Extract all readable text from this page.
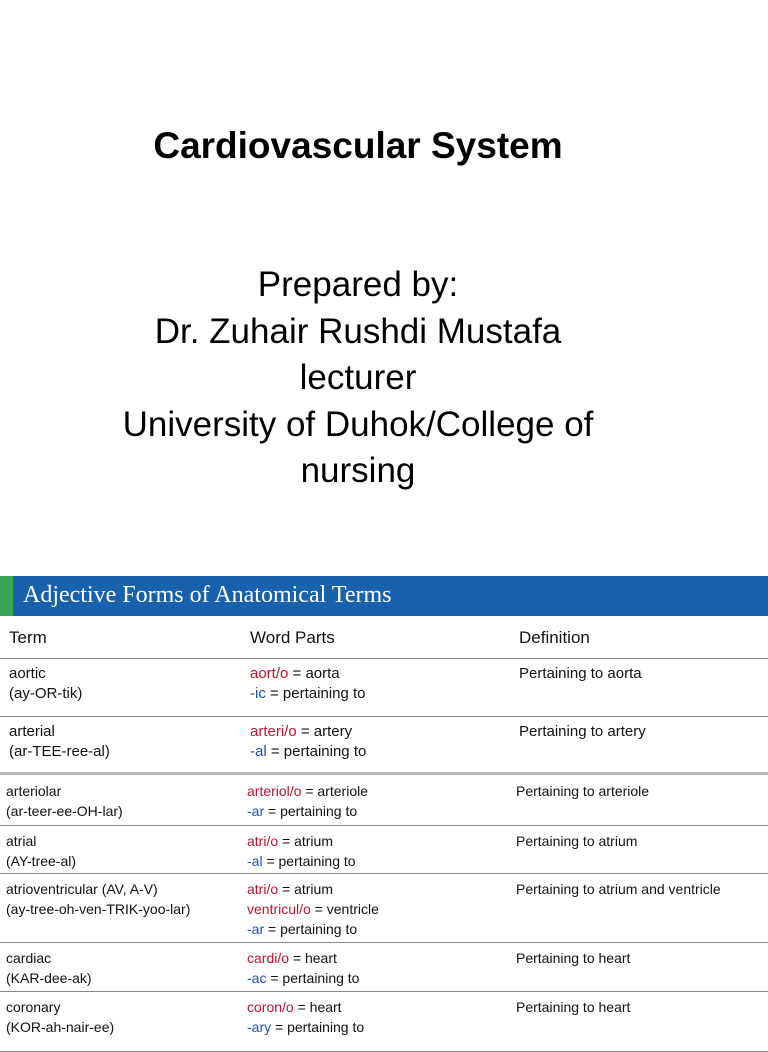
Cardiovascular System
Prepared by:
Dr. Zuhair Rushdi Mustafa
lecturer
University of Duhok/College of
nursing
Adjective Forms of Anatomical Terms
Term	Word Parts	Definition
aortic
(ay-OR-tik)
aort/o = aorta
-ic = pertaining to
Pertaining to aorta
arterial
(ar-TEE-ree-al)
arteri/o = artery
-al = pertaining to
Pertaining to artery
arteriolar
(ar-teer-ee-OH-lar)
arteriol/o = arteriole
-ar = pertaining to
Pertaining to arteriole
atrial
(AY-tree-al)
atri/o = atrium
-al = pertaining to
Pertaining to atrium
atrioventricular (AV, A-V)
(ay-tree-oh-ven-TRIK-yoo-lar)
atri/o = atrium
ventricul/o = ventricle
-ar = pertaining to
Pertaining to atrium and ventricle
cardiac
(KAR-dee-ak)
cardi/o = heart
-ac = pertaining to
Pertaining to heart
coronary
(KOR-ah-nair-ee)
coron/o = heart
-ary = pertaining to
Pertaining to heart
